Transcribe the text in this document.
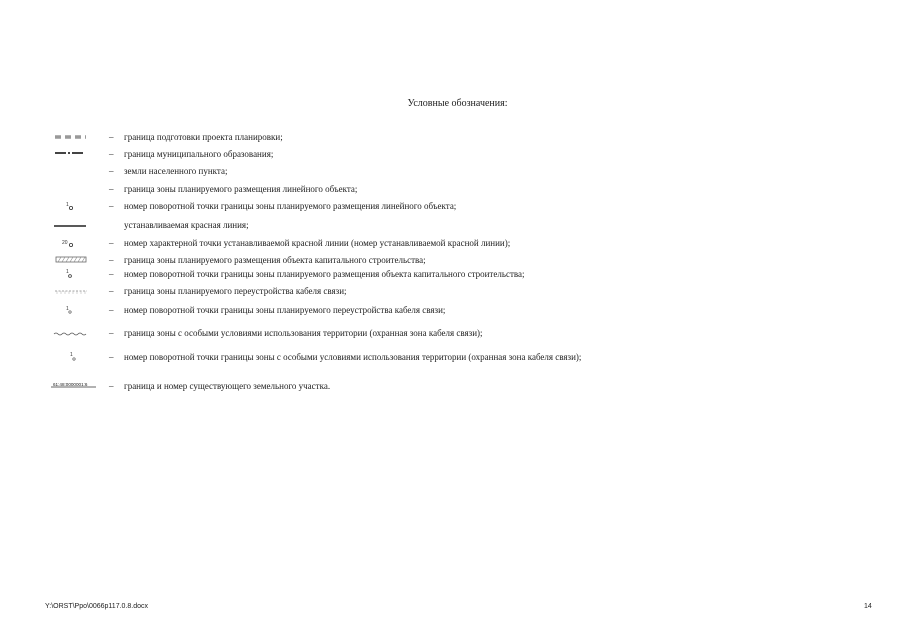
Условные обозначения:
– граница подготовки проекта планировки;
– граница муниципального образования;
– земли населенного пункта;
– граница зоны планируемого размещения линейного объекта;
1	– номер поворотной точки границы зоны планируемого размещения линейного объекта;
устанавливаемая красная линия;
20	– номер характерной точки устанавливаемой красной линии (номер устанавливаемой красной линии);
– граница зоны планируемого размещения объекта капитального строительства;
1	– номер поворотной точки границы зоны планируемого размещения объекта капитального строительства;
– граница зоны планируемого переустройства кабеля связи;
1	– номер поворотной точки границы зоны планируемого переустройства кабеля связи;
– граница зоны с особыми условиями использования территории (охранная зона кабеля связи);
1	– номер поворотной точки границы зоны с особыми условиями использования территории (охранная зона кабеля связи);
61:48:0000001:6 – граница и номер существующего земельного участка.
Y:\ORST\Ppo\0066p117.0.8.docx	14
